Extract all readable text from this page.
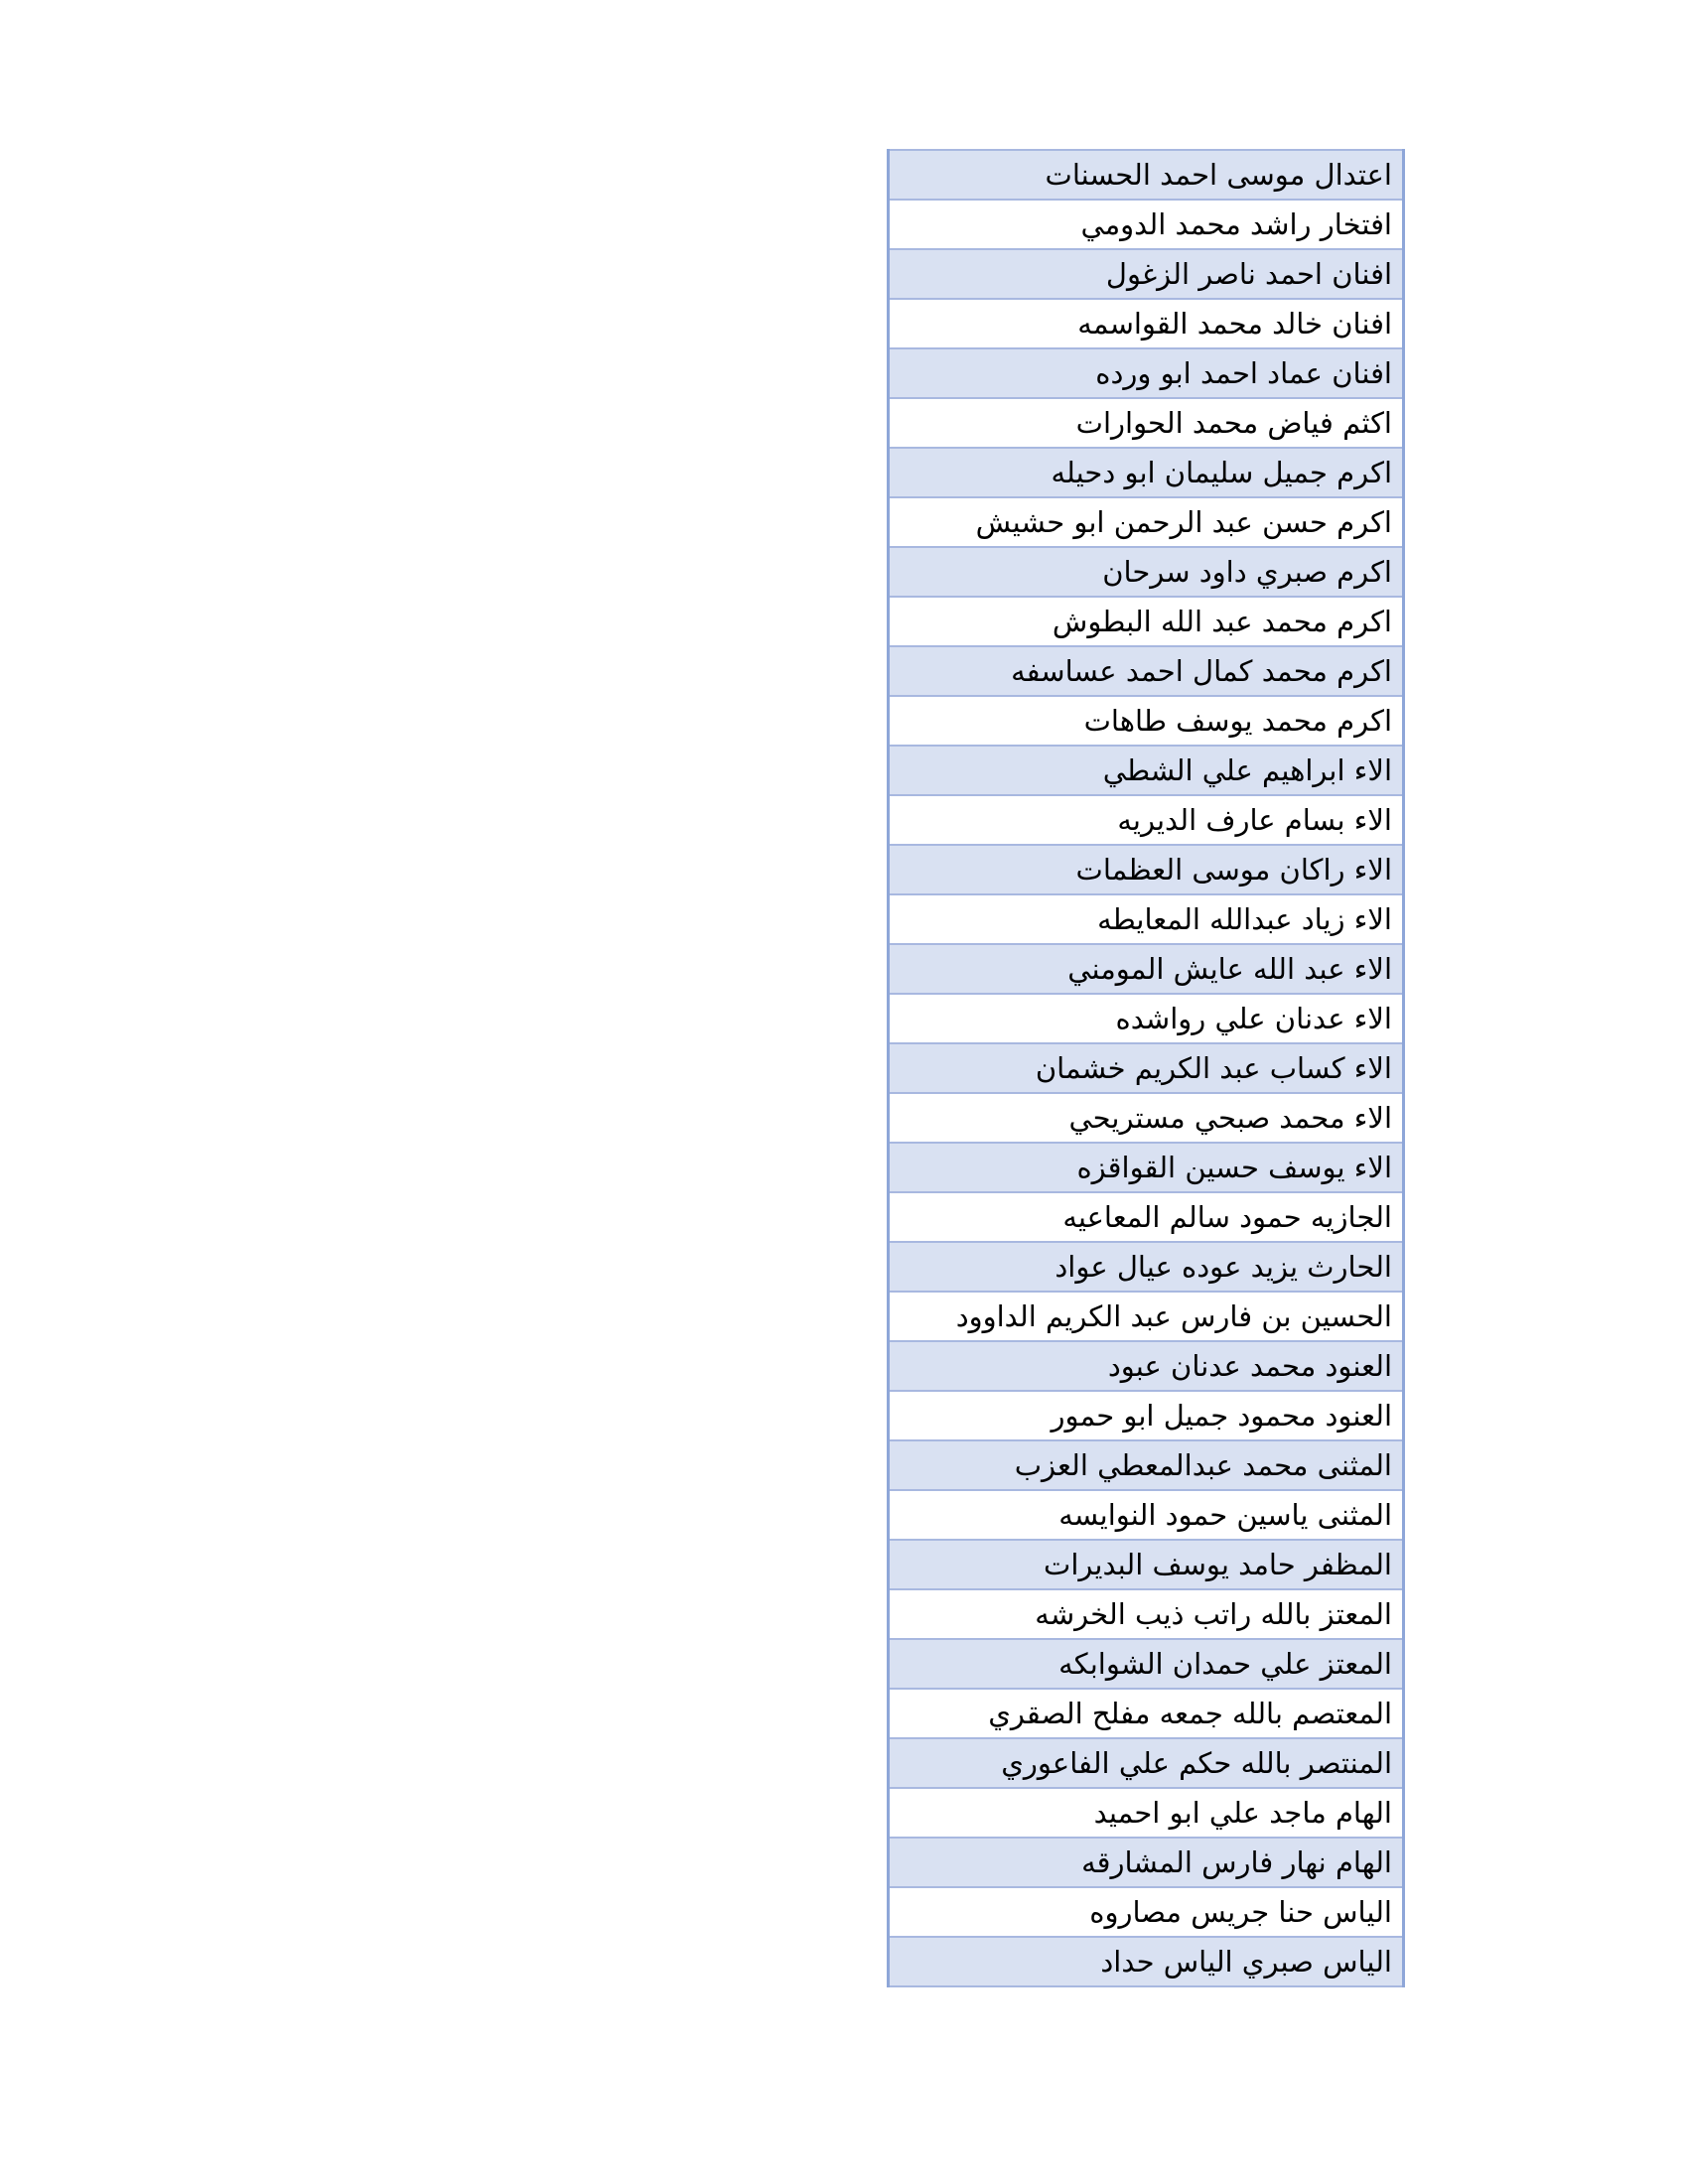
اعتدال موسى احمد الحسنات
افتخار راشد محمد الدومي
افنان احمد ناصر الزغول
افنان خالد محمد القواسمه
افنان عماد احمد ابو ورده
اكثم فياض محمد الحوارات
اكرم جميل سليمان ابو دحيله
اكرم حسن عبد الرحمن ابو حشيش
اكرم صبري داود سرحان
اكرم محمد عبد الله البطوش
اكرم محمد كمال احمد عساسفه
اكرم محمد يوسف طاهات
الاء ابراهيم علي الشطي
الاء بسام عارف الديريه
الاء راكان موسى العظمات
الاء زياد عبدالله المعايطه
الاء عبد الله عايش المومني
الاء عدنان علي رواشده
الاء كساب عبد الكريم خشمان
الاء محمد صبحي مستريحي
الاء يوسف حسين القواقزه
الجازيه حمود سالم المعاعيه
الحارث يزيد عوده عيال عواد
الحسين بن فارس عبد الكريم الداوود
العنود محمد عدنان عبود
العنود محمود جميل ابو حمور
المثنى محمد عبدالمعطي العزب
المثنى ياسين حمود النوايسه
المظفر حامد يوسف البديرات
المعتز بالله راتب ذيب الخرشه
المعتز علي حمدان الشوابكه
المعتصم بالله جمعه مفلح الصقري
المنتصر بالله حكم علي الفاعوري
الهام ماجد علي ابو احميد
الهام نهار فارس المشارقه
الياس حنا جريس مصاروه
الياس صبري الياس حداد
